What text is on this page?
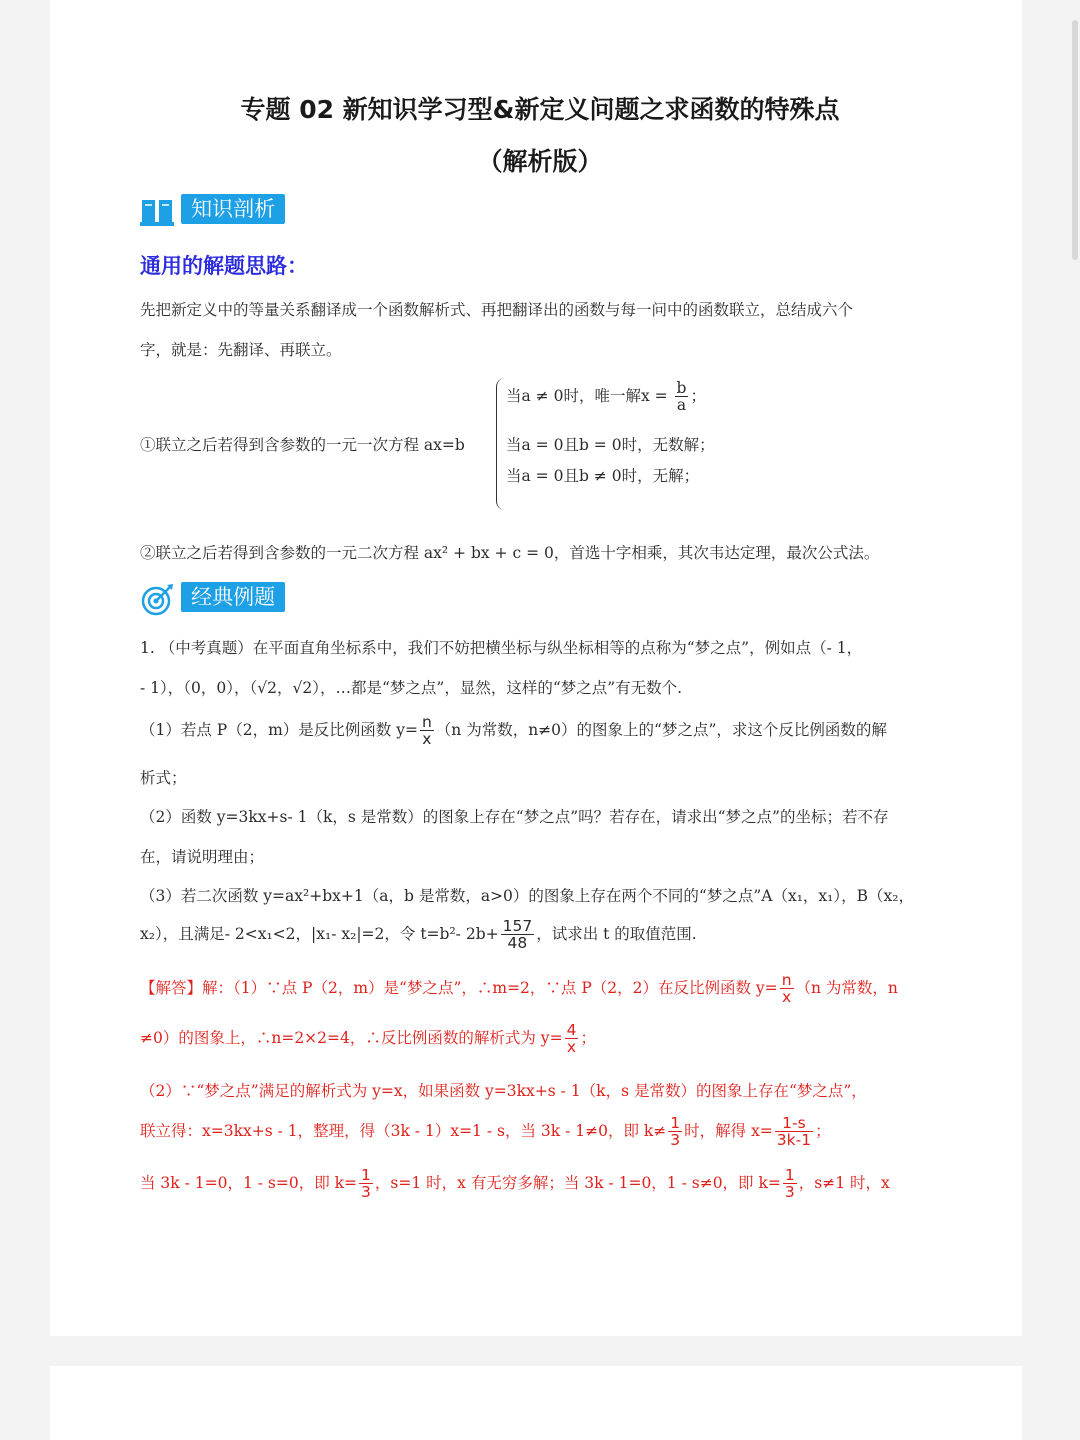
专题 02 新知识学习型&新定义问题之求函数的特殊点
（解析版）
知识剖析
通用的解题思路：
先把新定义中的等量关系翻译成一个函数解析式、再把翻译出的函数与每一问中的函数联立，总结成六个
字，就是：先翻译、再联立。
①联立之后若得到含参数的一元一次方程 ax=b
当a ≠ 0时，唯一解$x = \frac{b}{a}$ ；
当a = 0且b = 0时，无数解；
当a = 0且b ≠ 0时，无解；
②联立之后若得到含参数的一元二次方程 ax² + bx + c = 0，首选十字相乘，其次韦达定理，最次公式法。
经典例题
1. （中考真题）在平面直角坐标系中，我们不妨把横坐标与纵坐标相等的点称为“梦之点”，例如点（- 1，
- 1），（0，0），（√2，√2），…都是“梦之点”，显然，这样的“梦之点”有无数个.
（1）若点 P（2，m）是反比例函数 $y= \frac{n}{x} (n$ 为常数，n≠0）的图象上的“梦之点”，求这个反比例函数的解
析式；
（2）函数 y=3kx+s- 1（k，s 是常数）的图象上存在“梦之点”吗？若存在，请求出“梦之点”的坐标；若不存
在，请说明理由；
（3）若二次函数 y=ax²+bx+1（a，b 是常数，a>0）的图象上存在两个不同的“梦之点”A（x₁，x₁），B（x₂，
x₂），且满足- 2<x₁<2，|x₁- x₂|=2，令 t=b²- $2b+ \frac{157}{48}$ ，试求出 t 的取值范围.
【解答】解：（1）∵点 P（2，m）是“梦之点”，∴m=2，∵点 P（2，2）在反比例函数 $y= \frac{n}{x} (n$ 为常数，n
≠0）的图象上，∴n=2×2=4，∴反比例函数的解析式为 $y= \frac{4}{x}$ ；
（2）∵“梦之点”满足的解析式为 y=x，如果函数 y=3kx+s - 1（k，s 是常数）的图象上存在“梦之点”，
联立得：x=3kx+s - 1，整理，得（3k - 1）x=1 - s，当 3k - 1≠0，即 $k\ne \frac{1}{3}$ 时，解得 $x= \frac{1-s}{3k-1}$ ；
当 3k - 1=0，1 - s=0，即 $k= \frac{1}{3}$ ，s=1 时，x 有无穷多解；当 3k - 1=0，1 - s≠0，即 $k= \frac{1}{3}$ ，s≠1 时，x
